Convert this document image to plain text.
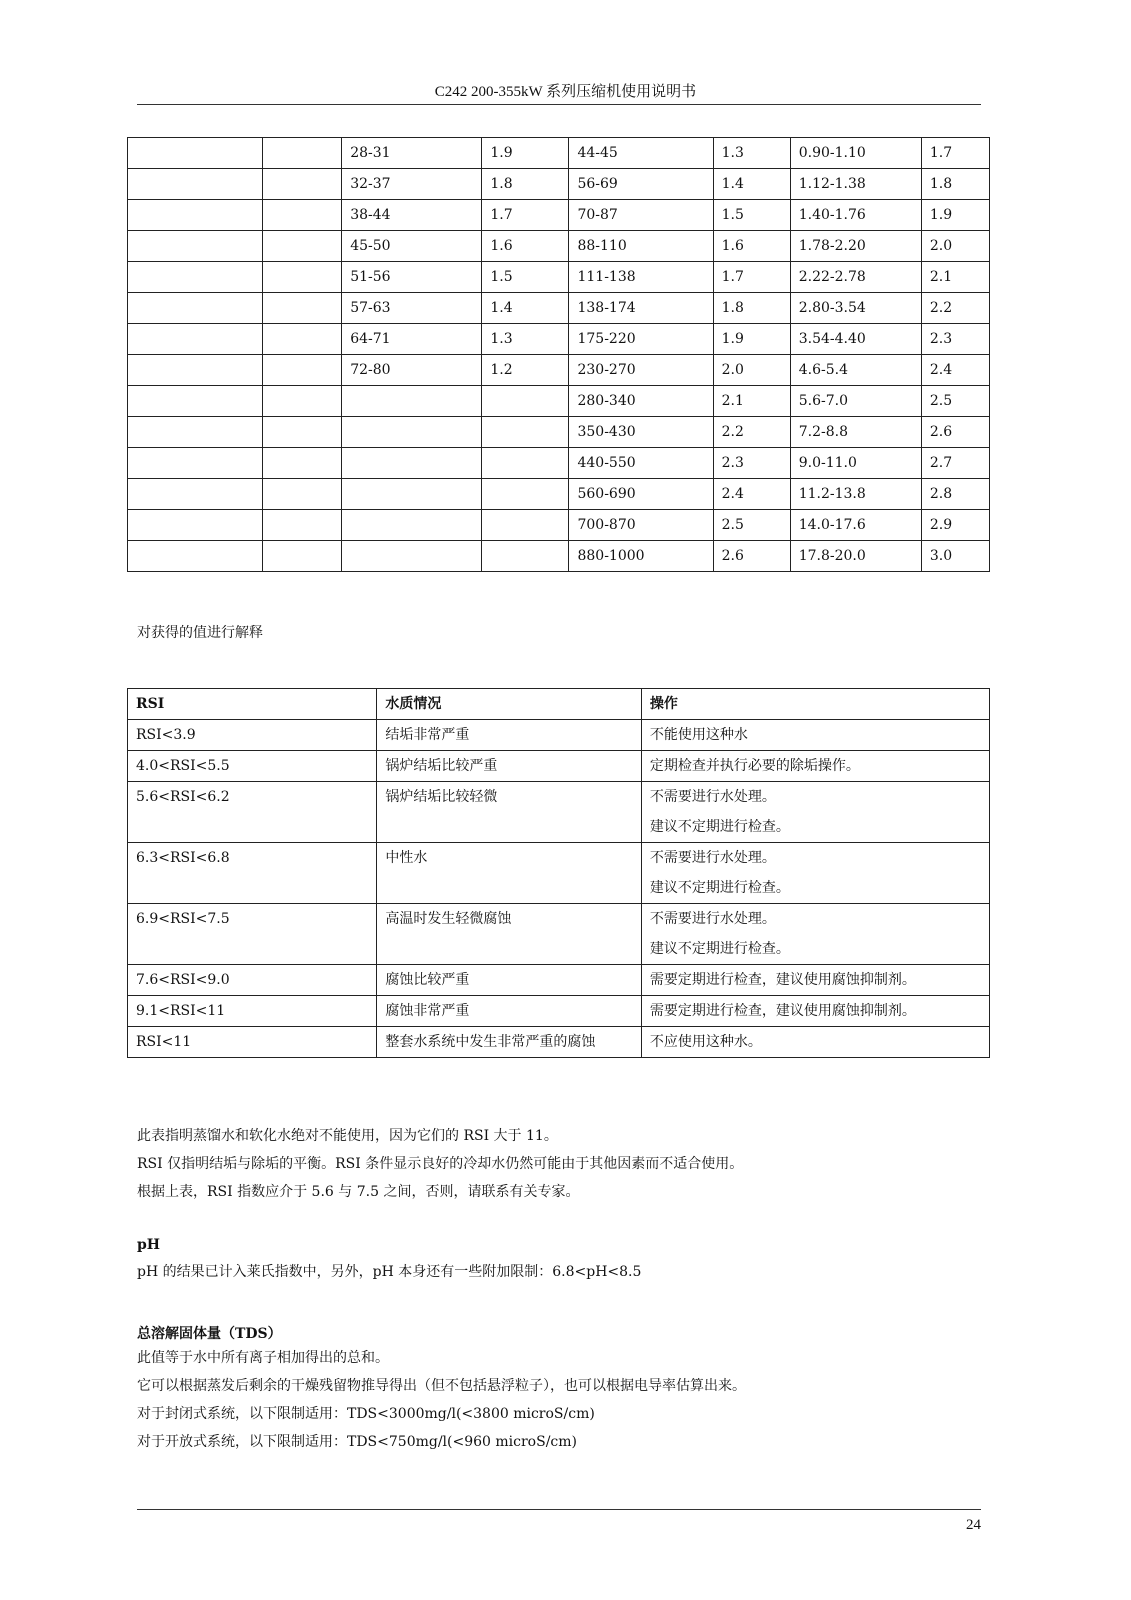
C242 200-355kW 系列压缩机使用说明书
		28-31	1.9	44-45	1.3	0.90-1.10	1.7
		32-37	1.8	56-69	1.4	1.12-1.38	1.8
		38-44	1.7	70-87	1.5	1.40-1.76	1.9
		45-50	1.6	88-110	1.6	1.78-2.20	2.0
		51-56	1.5	111-138	1.7	2.22-2.78	2.1
		57-63	1.4	138-174	1.8	2.80-3.54	2.2
		64-71	1.3	175-220	1.9	3.54-4.40	2.3
		72-80	1.2	230-270	2.0	4.6-5.4	2.4
				280-340	2.1	5.6-7.0	2.5
				350-430	2.2	7.2-8.8	2.6
				440-550	2.3	9.0-11.0	2.7
				560-690	2.4	11.2-13.8	2.8
				700-870	2.5	14.0-17.6	2.9
				880-1000	2.6	17.8-20.0	3.0
对获得的值进行解释
RSI	水质情况	操作
RSI<3.9	结垢非常严重	不能使用这种水

4.0<RSI<5.5	锅炉结垢比较严重	定期检查并执行必要的除垢操作。

5.6<RSI<6.2	锅炉结垢比较轻微	不需要进行水处理。
建议不定期进行检查。

6.3<RSI<6.8	中性水	不需要进行水处理。
建议不定期进行检查。

6.9<RSI<7.5	高温时发生轻微腐蚀	不需要进行水处理。
建议不定期进行检查。

7.6<RSI<9.0	腐蚀比较严重	需要定期进行检查，建议使用腐蚀抑制剂。

9.1<RSI<11	腐蚀非常严重	需要定期进行检查，建议使用腐蚀抑制剂。

RSI<11	整套水系统中发生非常严重的腐蚀	不应使用这种水。
此表指明蒸馏水和软化水绝对不能使用，因为它们的 RSI 大于 11。
RSI 仅指明结垢与除垢的平衡。RSI 条件显示良好的冷却水仍然可能由于其他因素而不适合使用。
根据上表，RSI 指数应介于 5.6 与 7.5 之间，否则，请联系有关专家。
pH
pH 的结果已计入莱氏指数中，另外，pH 本身还有一些附加限制：6.8<pH<8.5
总溶解固体量（TDS）
此值等于水中所有离子相加得出的总和。
它可以根据蒸发后剩余的干燥残留物推导得出（但不包括悬浮粒子），也可以根据电导率估算出来。
对于封闭式系统，以下限制适用：TDS<3000mg/l(<3800 microS/cm)
对于开放式系统，以下限制适用：TDS<750mg/l(<960 microS/cm)
24
